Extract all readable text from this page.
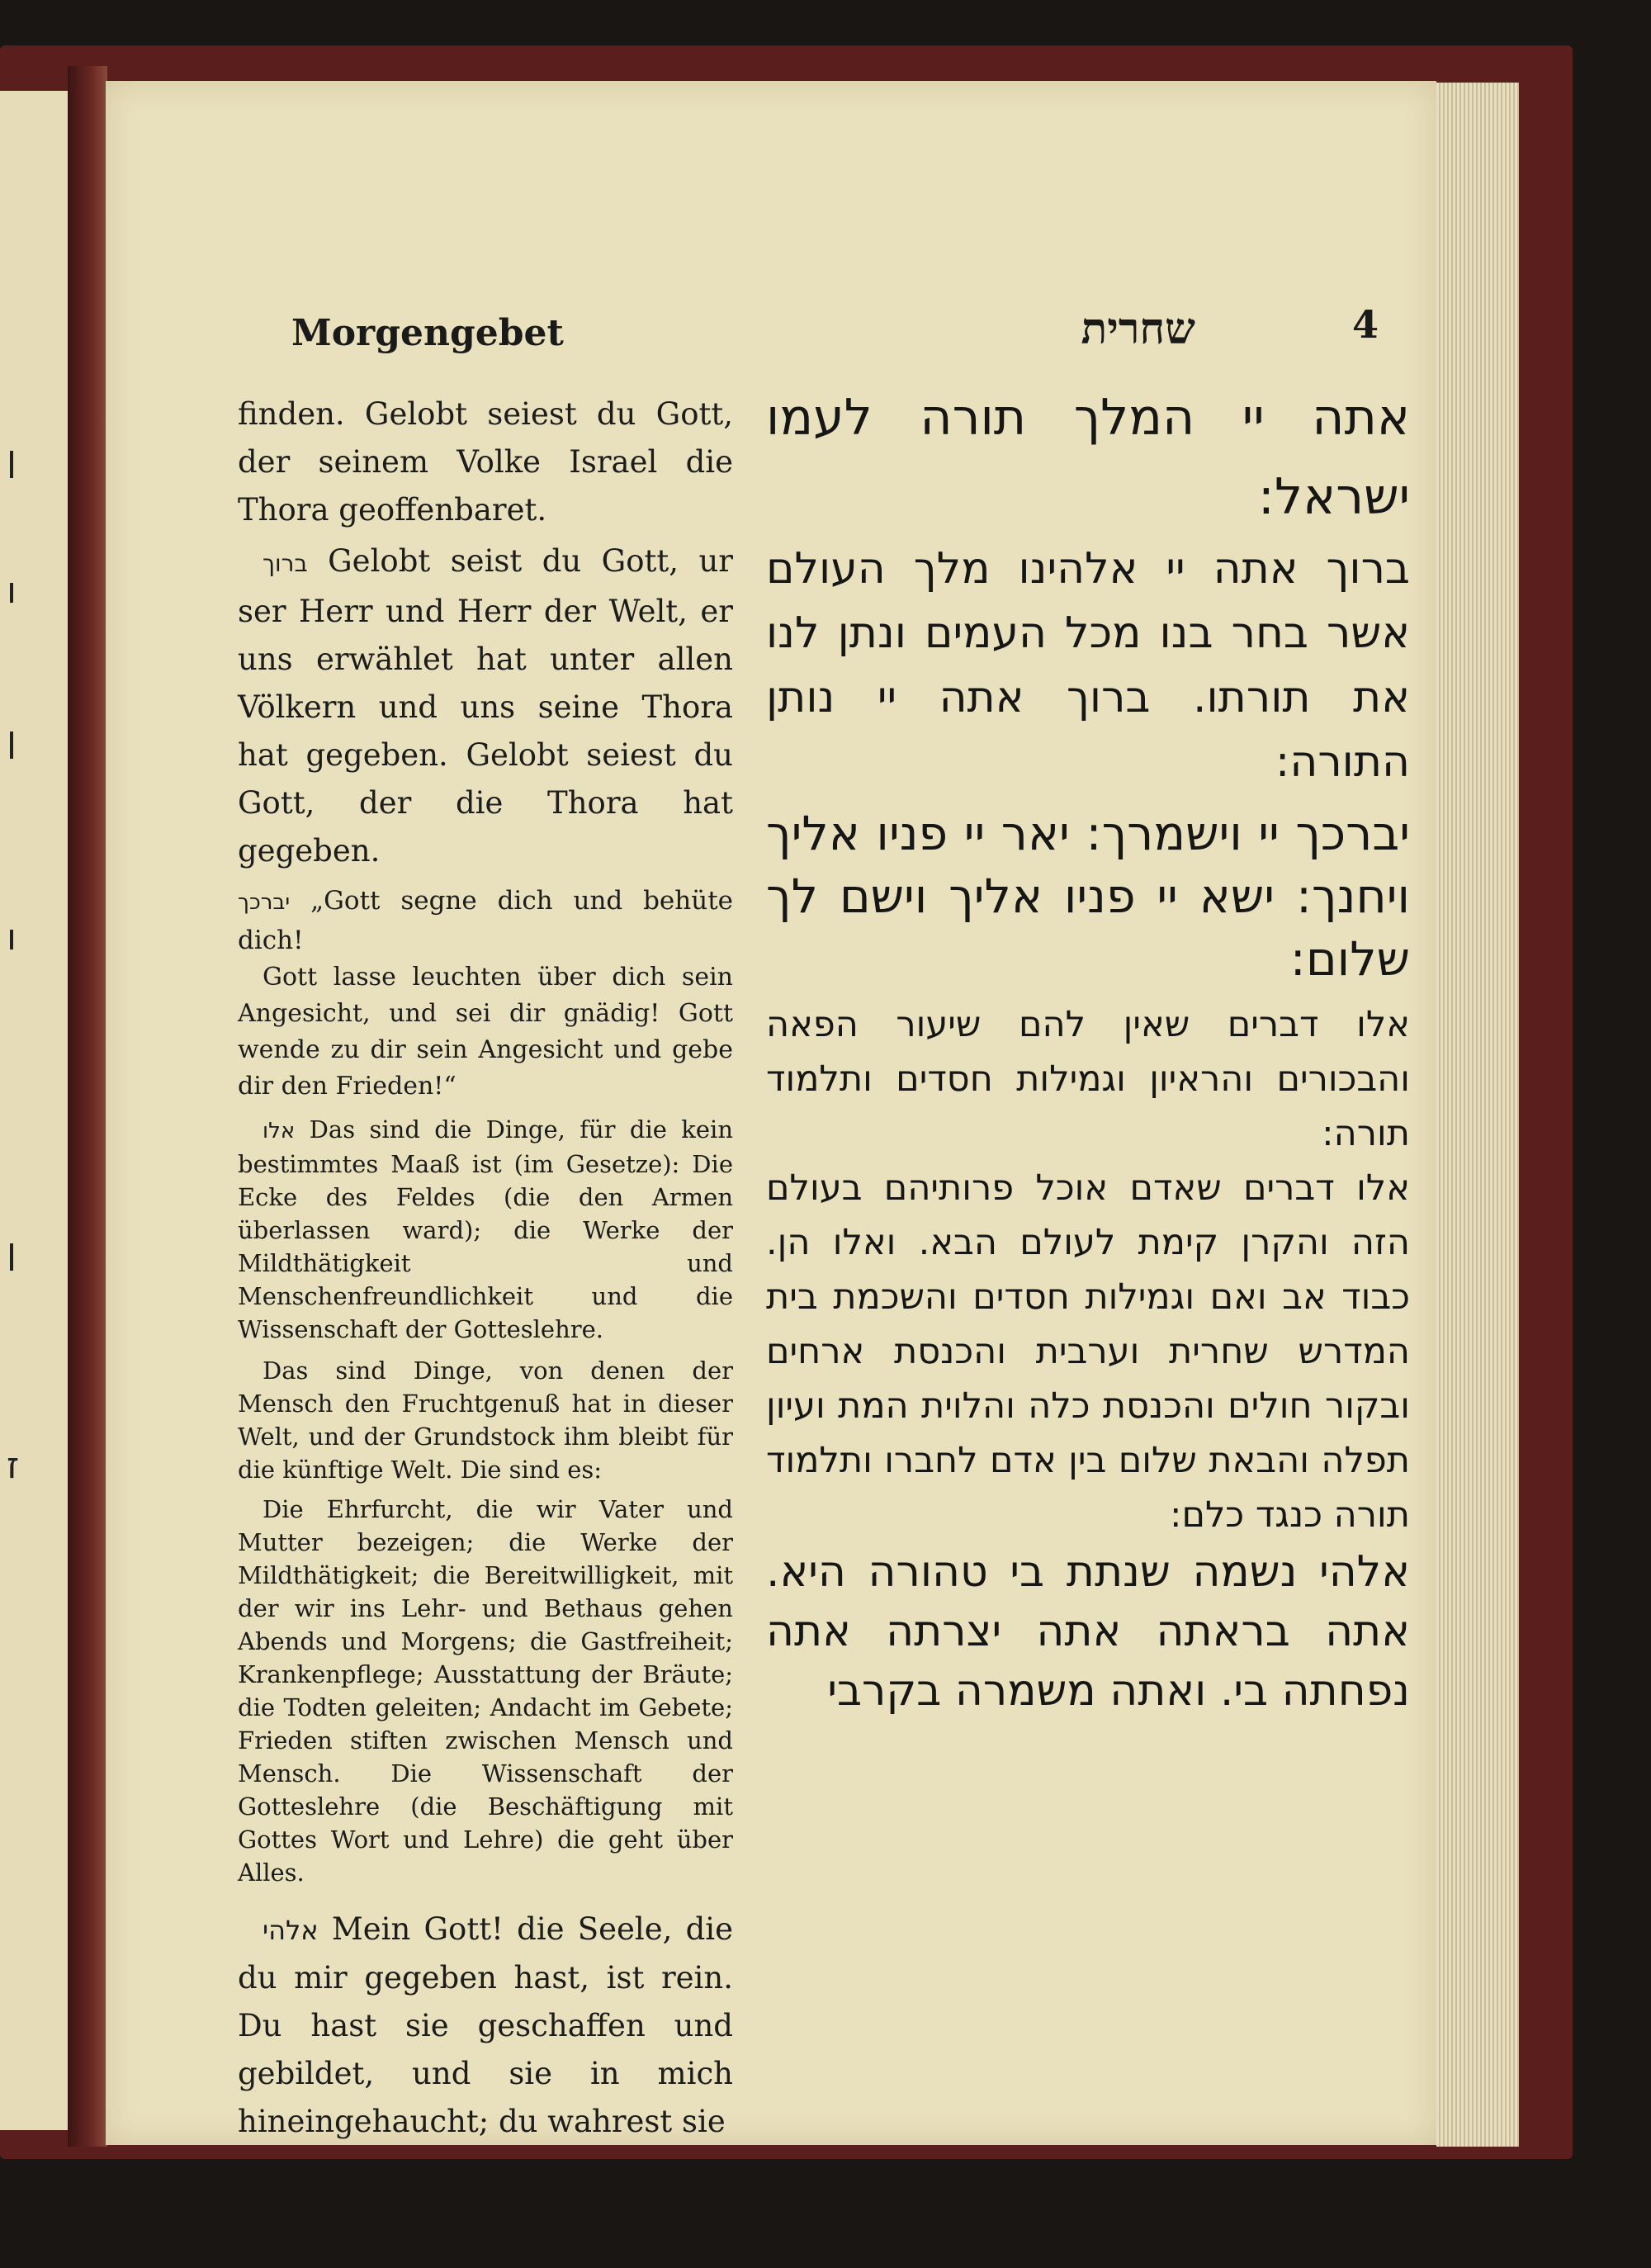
ן
ו
ן
ו
ן
ז
Morgengebet	שחרית	4

finden. Gelobt seiest du Gott, der seinem Volke Israel die Thora geoffenbaret.

ברוך Gelobt seist du Gott, ur ser Herr und Herr der Welt, er uns erwählet hat unter allen Völkern und uns seine Thora hat gegeben. Gelobt seiest du Gott, der die Thora hat gegeben.

יברכך „Gott segne dich und behüte dich!

Gott lasse leuchten über dich sein Angesicht, und sei dir gnädig! Gott wende zu dir sein Angesicht und gebe dir den Frieden!“

אלו Das sind die Dinge, für die kein bestimmtes Maaß ist (im Gesetze): Die Ecke des Feldes (die den Armen überlassen ward); die Werke der Mildthätigkeit und Menschenfreundlichkeit und die Wissenschaft der Gotteslehre.

Das sind Dinge, von denen der Mensch den Fruchtgenuß hat in dieser Welt, und der Grundstock ihm bleibt für die künftige Welt. Die sind es:

Die Ehrfurcht, die wir Vater und Mutter bezeigen; die Werke der Mildthätigkeit; die Bereitwilligkeit, mit der wir ins Lehr- und Bethaus gehen Abends und Morgens; die Gastfreiheit; Krankenpflege; Ausstattung der Bräute; die Todten geleiten; Andacht im Gebete; Frieden stiften zwischen Mensch und Mensch. Die Wissenschaft der Gotteslehre (die Beschäftigung mit Gottes Wort und Lehre) die geht über Alles.

אלהי Mein Gott! die Seele, die du mir gegeben hast, ist rein. Du hast sie geschaffen und gebildet, und sie in mich hineingehaucht; du wahrest sie

אתה יי המלך תורה לעמו ישראל:

ברוך אתה יי אלהינו מלך העולם אשר בחר בנו מכל העמים ונתן לנו את תורתו. ברוך אתה יי נותן התורה:

יברכך יי וישמרך: יאר יי פניו אליך ויחנך: ישא יי פניו אליך וישם לך שלום:

אלו דברים שאין להם שיעור הפאה והבכורים והראיון וגמילות חסדים ותלמוד תורה:

אלו דברים שאדם אוכל פרותיהם בעולם הזה והקרן קימת לעולם הבא. ואלו הן. כבוד אב ואם וגמילות חסדים והשכמת בית המדרש שחרית וערבית והכנסת ארחים ובקור חולים והכנסת כלה והלוית המת ועיון תפלה והבאת שלום בין אדם לחברו ותלמוד תורה כנגד כלם:

אלהי נשמה שנתת בי טהורה היא. אתה בראתה אתה יצרתה אתה נפחתה בי. ואתה משמרה בקרבי
